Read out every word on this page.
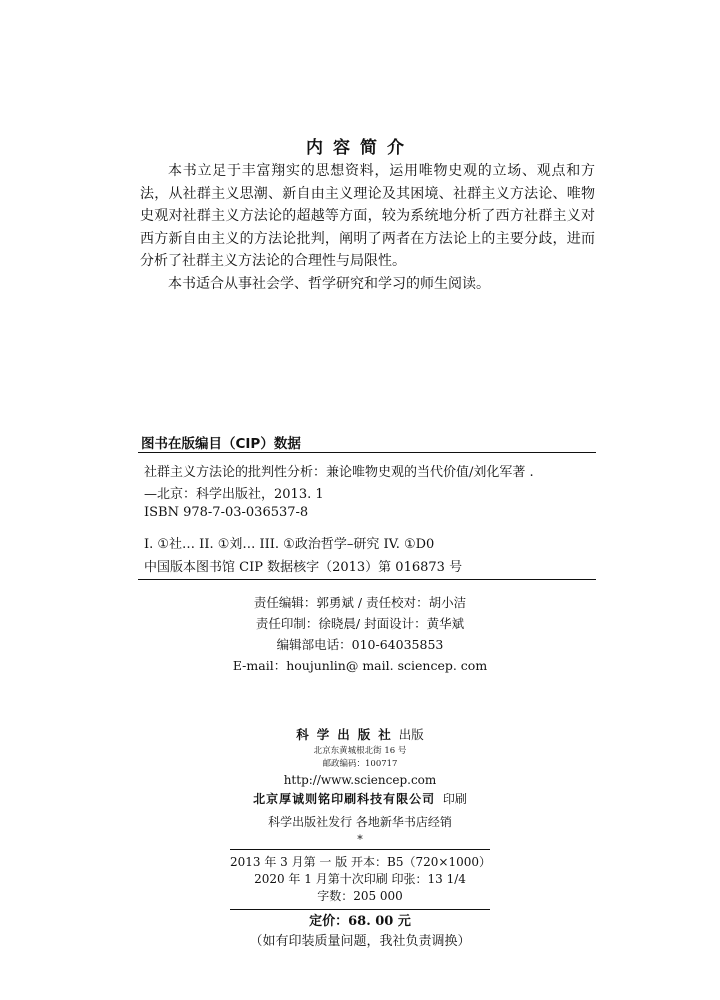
内容简介

本书立足于丰富翔实的思想资料，运用唯物史观的立场、观点和方法，从社群主义思潮、新自由主义理论及其困境、社群主义方法论、唯物史观对社群主义方法论的超越等方面，较为系统地分析了西方社群主义对西方新自由主义的方法论批判，阐明了两者在方法论上的主要分歧，进而分析了社群主义方法论的合理性与局限性。

本书适合从事社会学、哲学研究和学习的师生阅读。

图书在版编目（CIP）数据
社群主义方法论的批判性分析：兼论唯物史观的当代价值/刘化军著 .
—北京：科学出版社，2013. 1
ISBN 978-7-03-036537-8
I. ①社… II. ①刘… III. ①政治哲学–研究 IV. ①D0
中国版本图书馆 CIP 数据核字（2013）第 016873 号
责任编辑：郭勇斌 / 责任校对：胡小洁
责任印制：徐晓晨/ 封面设计：黄华斌
编辑部电话：010-64035853
E-mail：houjunlin@ mail. sciencep. com
科学出版社出版
北京东黄城根北街 16 号
邮政编码：100717
http://www.sciencep.com
北京厚诚则铭印刷科技有限公司 印刷
科学出版社发行 各地新华书店经销
*
2013 年 3 月第 一 版 开本：B5（720×1000）
2020 年 1 月第十次印刷 印张：13 1/4
字数：205 000
定价：68. 00 元
（如有印装质量问题，我社负责调换）
